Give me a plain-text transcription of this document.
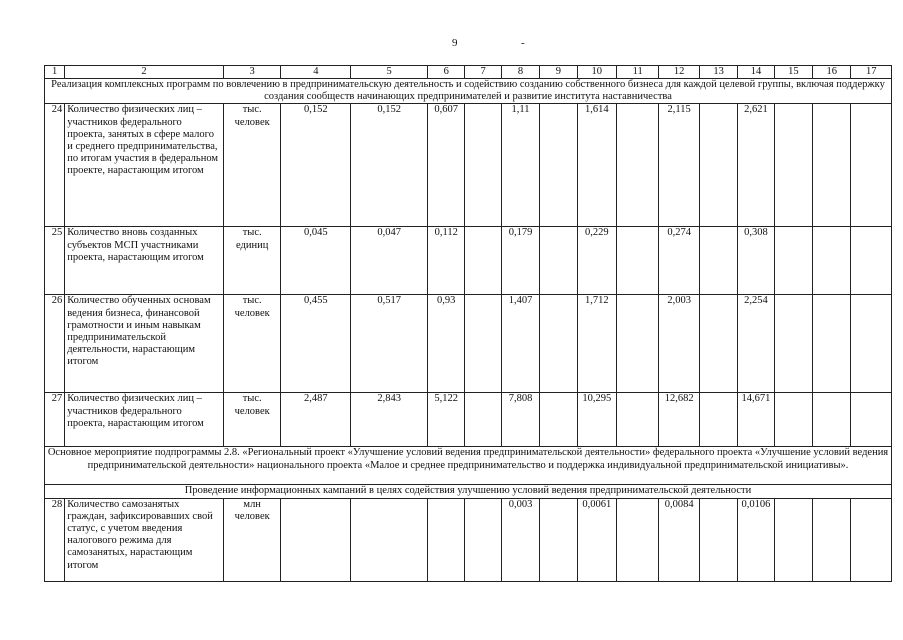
9	-
1	2	3	4	5	6	7	8	9	10	11	12	13	14	15	16	17
Реализация комплексных программ по вовлечению в предпринимательскую деятельность и содействию созданию собственного бизнеса для каждой целевой группы, включая поддержку создания сообществ начинающих предпринимателей и развитие института наставничества																
24	Количество физических лиц – участников федерального проекта, занятых в сфере малого и среднего предпринимательства, по итогам участия в федеральном проекте, нарастающим итогом	тыс. человек	0,152	0,152	0,607		1,11		1,614		2,115		2,621			
25	Количество вновь созданных субъектов МСП участниками проекта, нарастающим итогом	тыс. единиц	0,045	0,047	0,112		0,179		0,229		0,274		0,308			
26	Количество обученных основам ведения бизнеса, финансовой грамотности и иным навыкам предпринимательской деятельности, нарастающим итогом	тыс. человек	0,455	0,517	0,93		1,407		1,712		2,003		2,254			
27	Количество физических лиц – участников федерального проекта, нарастающим итогом	тыс. человек	2,487	2,843	5,122		7,808		10,295		12,682		14,671			
Основное мероприятие подпрограммы 2.8. «Региональный проект «Улучшение условий ведения предпринимательской деятельности» федерального проекта «Улучшение условий ведения предпринимательской деятельности» национального проекта «Малое и среднее предпринимательство и поддержка индивидуальной предпринимательской инициативы».																
Проведение информационных кампаний в целях содействия улучшению условий ведения предпринимательской деятельности																
28	Количество самозанятых граждан, зафиксировавших свой статус, с учетом введения налогового режима для самозанятых, нарастающим итогом	млн человек					0,003		0,0061		0,0084		0,0106			
